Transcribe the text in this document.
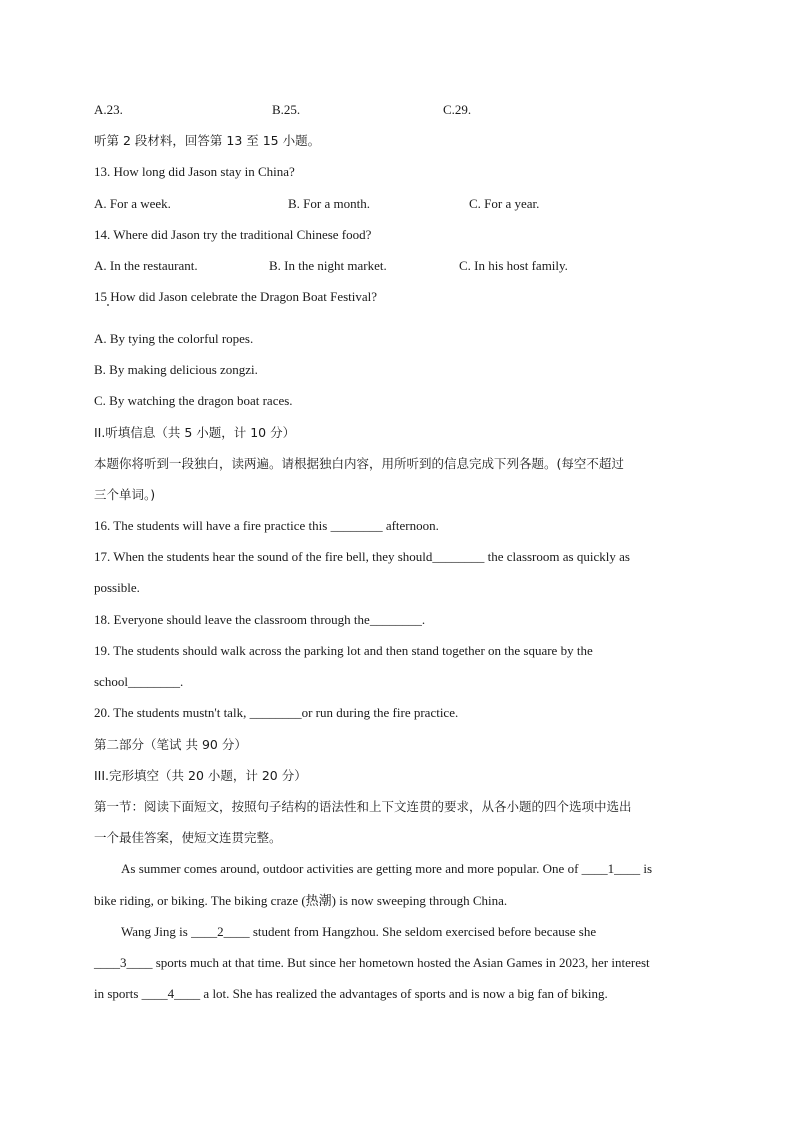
A.23.	B.25.	C.29.
听第 2 段材料，回答第 13 至 15 小题。
13. How long did Jason stay in China?
A. For a week.	B. For a month.	C. For a year.
14. Where did Jason try the traditional Chinese food?
A. In the restaurant.	B. In the night market.	C. In his host family.
15 How did Jason celebrate the Dragon Boat Festival?
A. By tying the colorful ropes.
B. By making delicious zongzi.
C. By watching the dragon boat races.
II.听填信息（共 5 小题，计 10 分）
本题你将听到一段独白，读两遍。请根据独白内容，用所听到的信息完成下列各题。(每空不超过
三个单词。)
16. The students will have a fire practice this ________ afternoon.
17. When the students hear the sound of the fire bell, they should________ the classroom as quickly as
possible.
18. Everyone should leave the classroom through the________.
19. The students should walk across the parking lot and then stand together on the square by the
school________.
20. The students mustn't talk, ________or run during the fire practice.
第二部分（笔试 共 90 分）
III.完形填空（共 20 小题，计 20 分）
第一节：阅读下面短文，按照句子结构的语法性和上下文连贯的要求，从各小题的四个选项中选出
一个最佳答案，使短文连贯完整。
As summer comes around, outdoor activities are getting more and more popular. One of ____1____ is
bike riding, or biking. The biking craze (热潮) is now sweeping through China.
Wang Jing is ____2____ student from Hangzhou. She seldom exercised before because she
____3____ sports much at that time. But since her hometown hosted the Asian Games in 2023, her interest
in sports ____4____ a lot. She has realized the advantages of sports and is now a big fan of biking.
